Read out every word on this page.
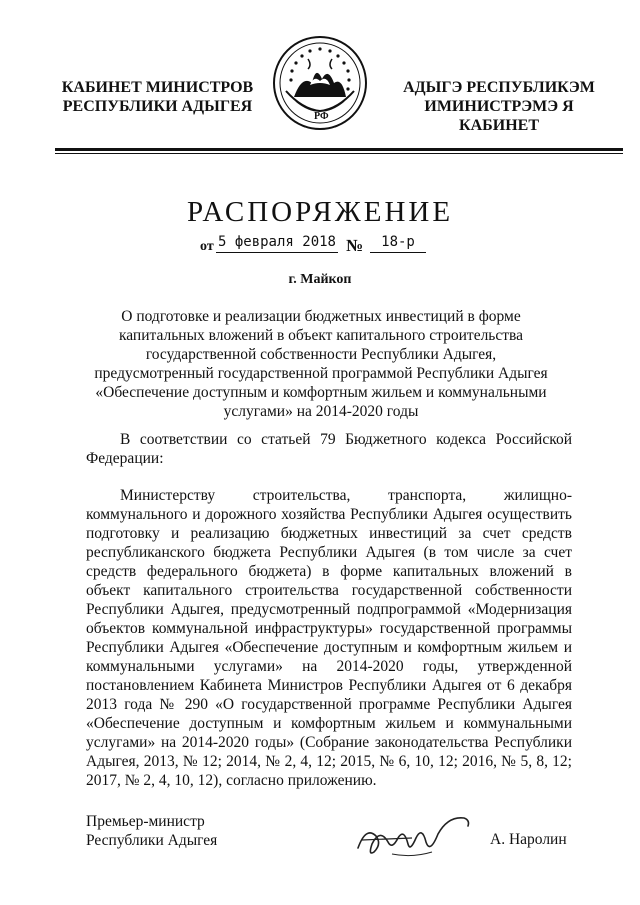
КАБИНЕТ МИНИСТРОВ
РЕСПУБЛИКИ АДЫГЕЯ
РФ
АДЫГЭ РЕСПУБЛИКЭМ
ИМИНИСТРЭМЭ Я КАБИНЕТ
РАСПОРЯЖЕНИЕ
от 5 февраля 2018 №	18-р
г. Майкоп
О подготовке и реализации бюджетных инвестиций в форме капитальных вложений в объект капитального строительства государственной собственности Республики Адыгея, предусмотренный государственной программой Республики Адыгея «Обеспечение доступным и комфортным жильем и коммунальными услугами» на 2014-2020 годы
В соответствии со статьей 79 Бюджетного кодекса Российской Федерации:
Министерству строительства, транспорта, жилищно-коммунального и дорожного хозяйства Республики Адыгея осуществить подготовку и реализацию бюджетных инвестиций за счет средств республиканского бюджета Республики Адыгея (в том числе за счет средств федерального бюджета) в форме капитальных вложений в объект капитального строительства государственной собственности Республики Адыгея, предусмотренный подпрограммой «Модернизация объектов коммунальной инфраструктуры» государственной программы Республики Адыгея «Обеспечение доступным и комфортным жильем и коммунальными услугами» на 2014-2020 годы, утвержденной постановлением Кабинета Министров Республики Адыгея от 6 декабря 2013 года № 290 «О государственной программе Республики Адыгея «Обеспечение доступным и комфортным жильем и коммунальными услугами» на 2014-2020 годы» (Собрание законодательства Республики Адыгея, 2013, № 12; 2014, № 2, 4, 12; 2015, № 6, 10, 12; 2016, № 5, 8, 12; 2017, № 2, 4, 10, 12), согласно приложению.
Премьер-министр
Республики Адыгея	А. Наролин
